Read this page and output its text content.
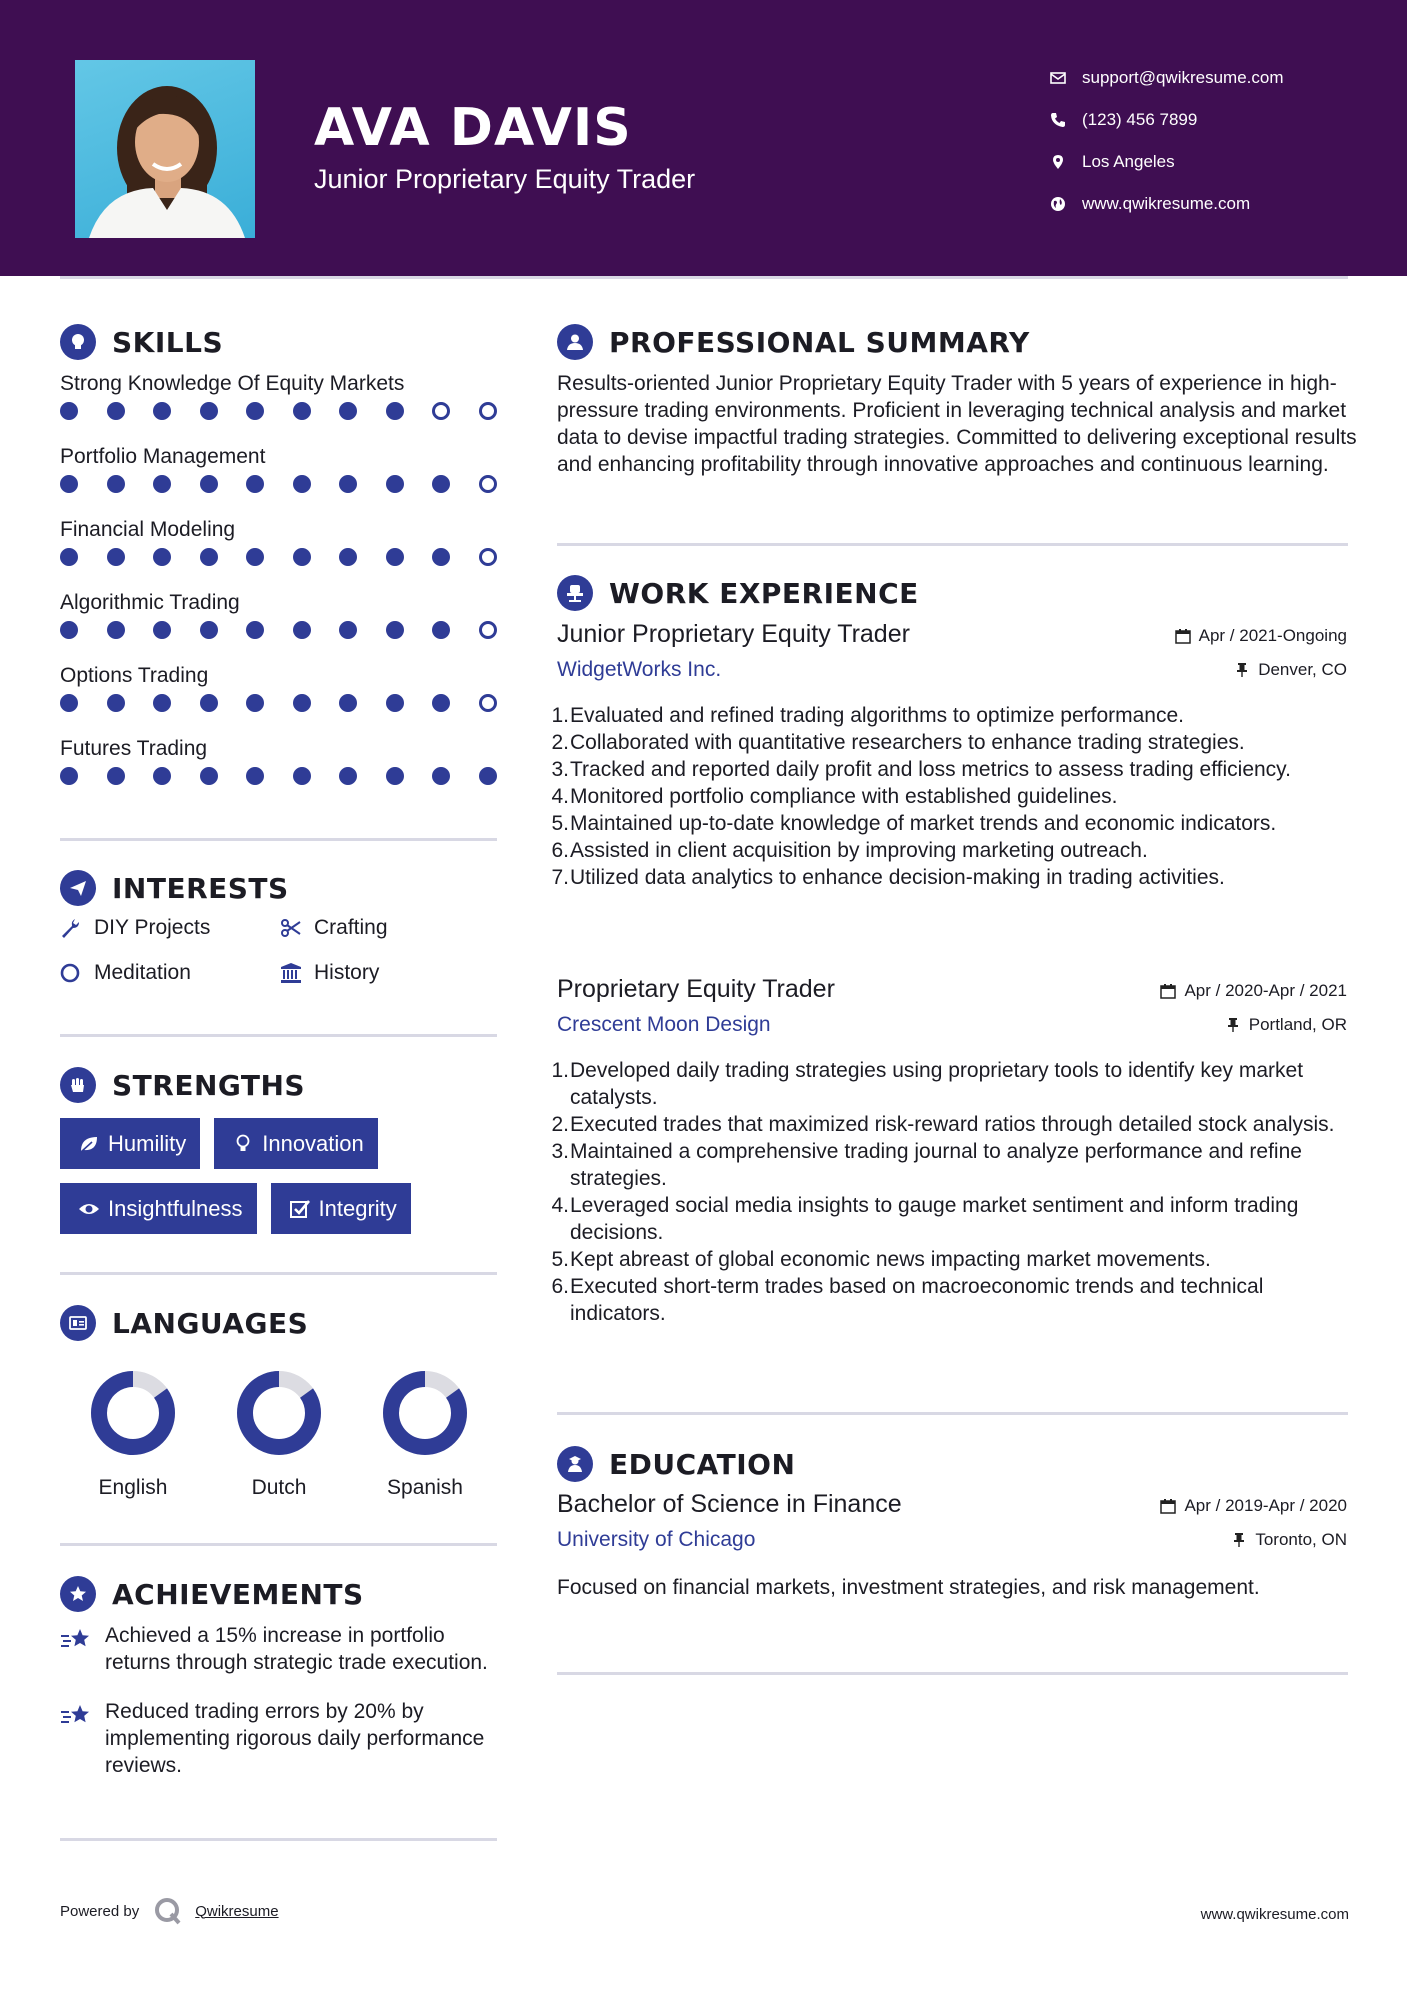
AVA DAVIS
Junior Proprietary Equity Trader
support@qwikresume.com
(123) 456 7899
Los Angeles
www.qwikresume.com
SKILLS
Strong Knowledge Of Equity Markets
Portfolio Management
Financial Modeling
Algorithmic Trading
Options Trading
Futures Trading
INTERESTS
DIY Projects	Crafting
Meditation	History
STRENGTHS
Humility	Innovation
Insightfulness	Integrity
LANGUAGES
English	Dutch	Spanish
ACHIEVEMENTS
Achieved a 15% increase in portfolio returns through strategic trade execution.
Reduced trading errors by 20% by implementing rigorous daily performance reviews.
PROFESSIONAL SUMMARY
Results-oriented Junior Proprietary Equity Trader with 5 years of experience in high-pressure trading environments. Proficient in leveraging technical analysis and market data to devise impactful trading strategies. Committed to delivering exceptional results and enhancing profitability through innovative approaches and continuous learning.
WORK EXPERIENCE
Junior Proprietary Equity Trader
WidgetWorks Inc.
Apr / 2021-Ongoing
Denver, CO
1. Evaluated and refined trading algorithms to optimize performance.
2. Collaborated with quantitative researchers to enhance trading strategies.
3. Tracked and reported daily profit and loss metrics to assess trading efficiency.
4. Monitored portfolio compliance with established guidelines.
5. Maintained up-to-date knowledge of market trends and economic indicators.
6. Assisted in client acquisition by improving marketing outreach.
7. Utilized data analytics to enhance decision-making in trading activities.
Proprietary Equity Trader
Crescent Moon Design
Apr / 2020-Apr / 2021
Portland, OR
1. Developed daily trading strategies using proprietary tools to identify key market catalysts.
2. Executed trades that maximized risk-reward ratios through detailed stock analysis.
3. Maintained a comprehensive trading journal to analyze performance and refine strategies.
4. Leveraged social media insights to gauge market sentiment and inform trading decisions.
5. Kept abreast of global economic news impacting market movements.
6. Executed short-term trades based on macroeconomic trends and technical indicators.
EDUCATION
Bachelor of Science in Finance
University of Chicago
Apr / 2019-Apr / 2020
Toronto, ON
Focused on financial markets, investment strategies, and risk management.
Powered by	Qwikresume	www.qwikresume.com
